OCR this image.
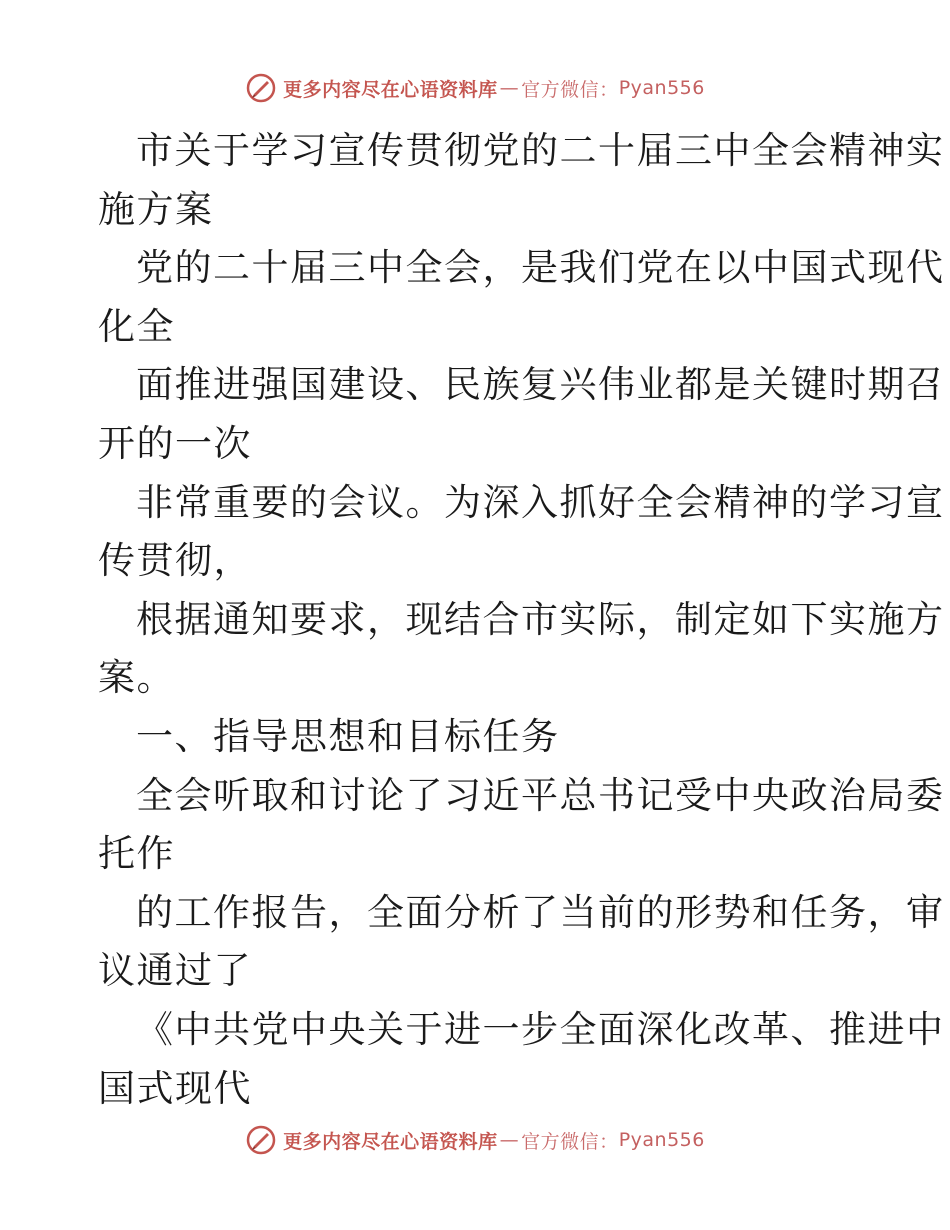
更多内容尽在心语资料库 — 官方微信： Pyan556
市关于学习宣传贯彻党的二十届三中全会精神实
施方案
党的二十届三中全会，是我们党在以中国式现代
化全
面推进强国建设、民族复兴伟业都是关键时期召
开的一次
非常重要的会议。为深入抓好全会精神的学习宣
传贯彻，
根据通知要求，现结合市实际，制定如下实施方
案。
一、指导思想和目标任务
全会听取和讨论了习近平总书记受中央政治局委
托作
的工作报告，全面分析了当前的形势和任务，审
议通过了
《中共党中央关于进一步全面深化改革、推进中
国式现代
更多内容尽在心语资料库 — 官方微信： Pyan556
